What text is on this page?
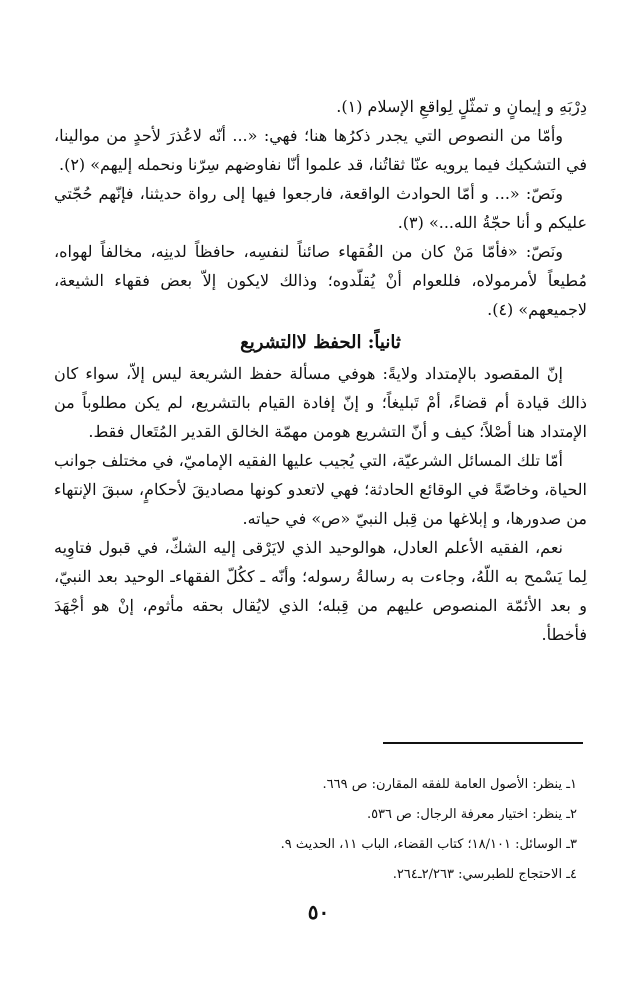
دِرْبَهِ و إيمانٍ و تمثّلٍ لِواقعِ الإسلام (١).

وأمّا من النصوص التي يجدر ذكرُها هنا؛ فهي: «... أنّه لاعُذرَ لأحدٍ من موالينا، في التشكيك فيما يرويه عنّا ثقاتُنا، قد علموا أنّا نفاوضهم سِرّنا ونحمله إليهم» (٢).

ونَصّ: «... و أمّا الحوادث الواقعة، فارجعوا فيها إلى رواة حديثنا، فإنّهم حُجّتي عليكم و أنا حجّةُ الله...» (٣).

ونَصّ: «فأمّا مَنْ كان من الفُقهاء صائناً لنفسِه، حافظاً لدينِه، مخالفاً لهواه، مُطيعاً لأمرمولاه، فللعوام أنْ يُقلّدوه؛ وذالك لايكون إلاّ بعض فقهاء الشيعة، لاجميعهم» (٤).

ثانياً: الحفظ لاالتشريع

إنّ المقصود بالإمتداد ولايةً: هوفي مسألة حفظ الشريعة ليس إلاّ، سواء كان ذالك قيادة أم قضاءً، أمْ تَبليغاً؛ و إنّ إفادة القيام بالتشريع، لم يكن مطلوباً من الإمتداد هنا أصْلاً؛ كيف و أنّ التشريع هومن مهمّة الخالق القدير المُتَعال فقط.

أمّا تلك المسائل الشرعيّة، التي يُجيب عليها الفقيه الإماميّ، في مختلف جوانب الحياة، وخاصّةً في الوقائع الحادثة؛ فهي لاتعدو كونها مصاديقَ لأحكامٍ، سبقَ الإنتهاء من صدورها، و إبلاغها من قِبل النبيّ «ص» في حياته.

نعم، الفقيه الأعلم العادل، هوالوحيد الذي لايَرْقى إليه الشكّ، في قبول فتاوِيه لِما يَسْمح به اللّهُ، وجاءت به رسالةُ رسوله؛ وأنّه ـ ككُلّ الفقهاءـ الوحيد بعد النبيّ، و بعد الأئمّة المنصوص عليهم من قِبله؛ الذي لايُقال بحقه مأثوم، إنْ هو أجْهَدَ فأخطأ.

١ـ ينظر: الأصول العامة للفقه المقارن: ص ٦٦٩.
٢ـ ينظر: اختيار معرفة الرجال: ص ٥٣٦.
٣ـ الوسائل: ١٨/١٠١؛ كتاب القضاء، الباب ١١، الحديث ٩.
٤ـ الاحتجاج للطبرسي: ٢/٢٦٣ـ٢٦٤.
٥٠
